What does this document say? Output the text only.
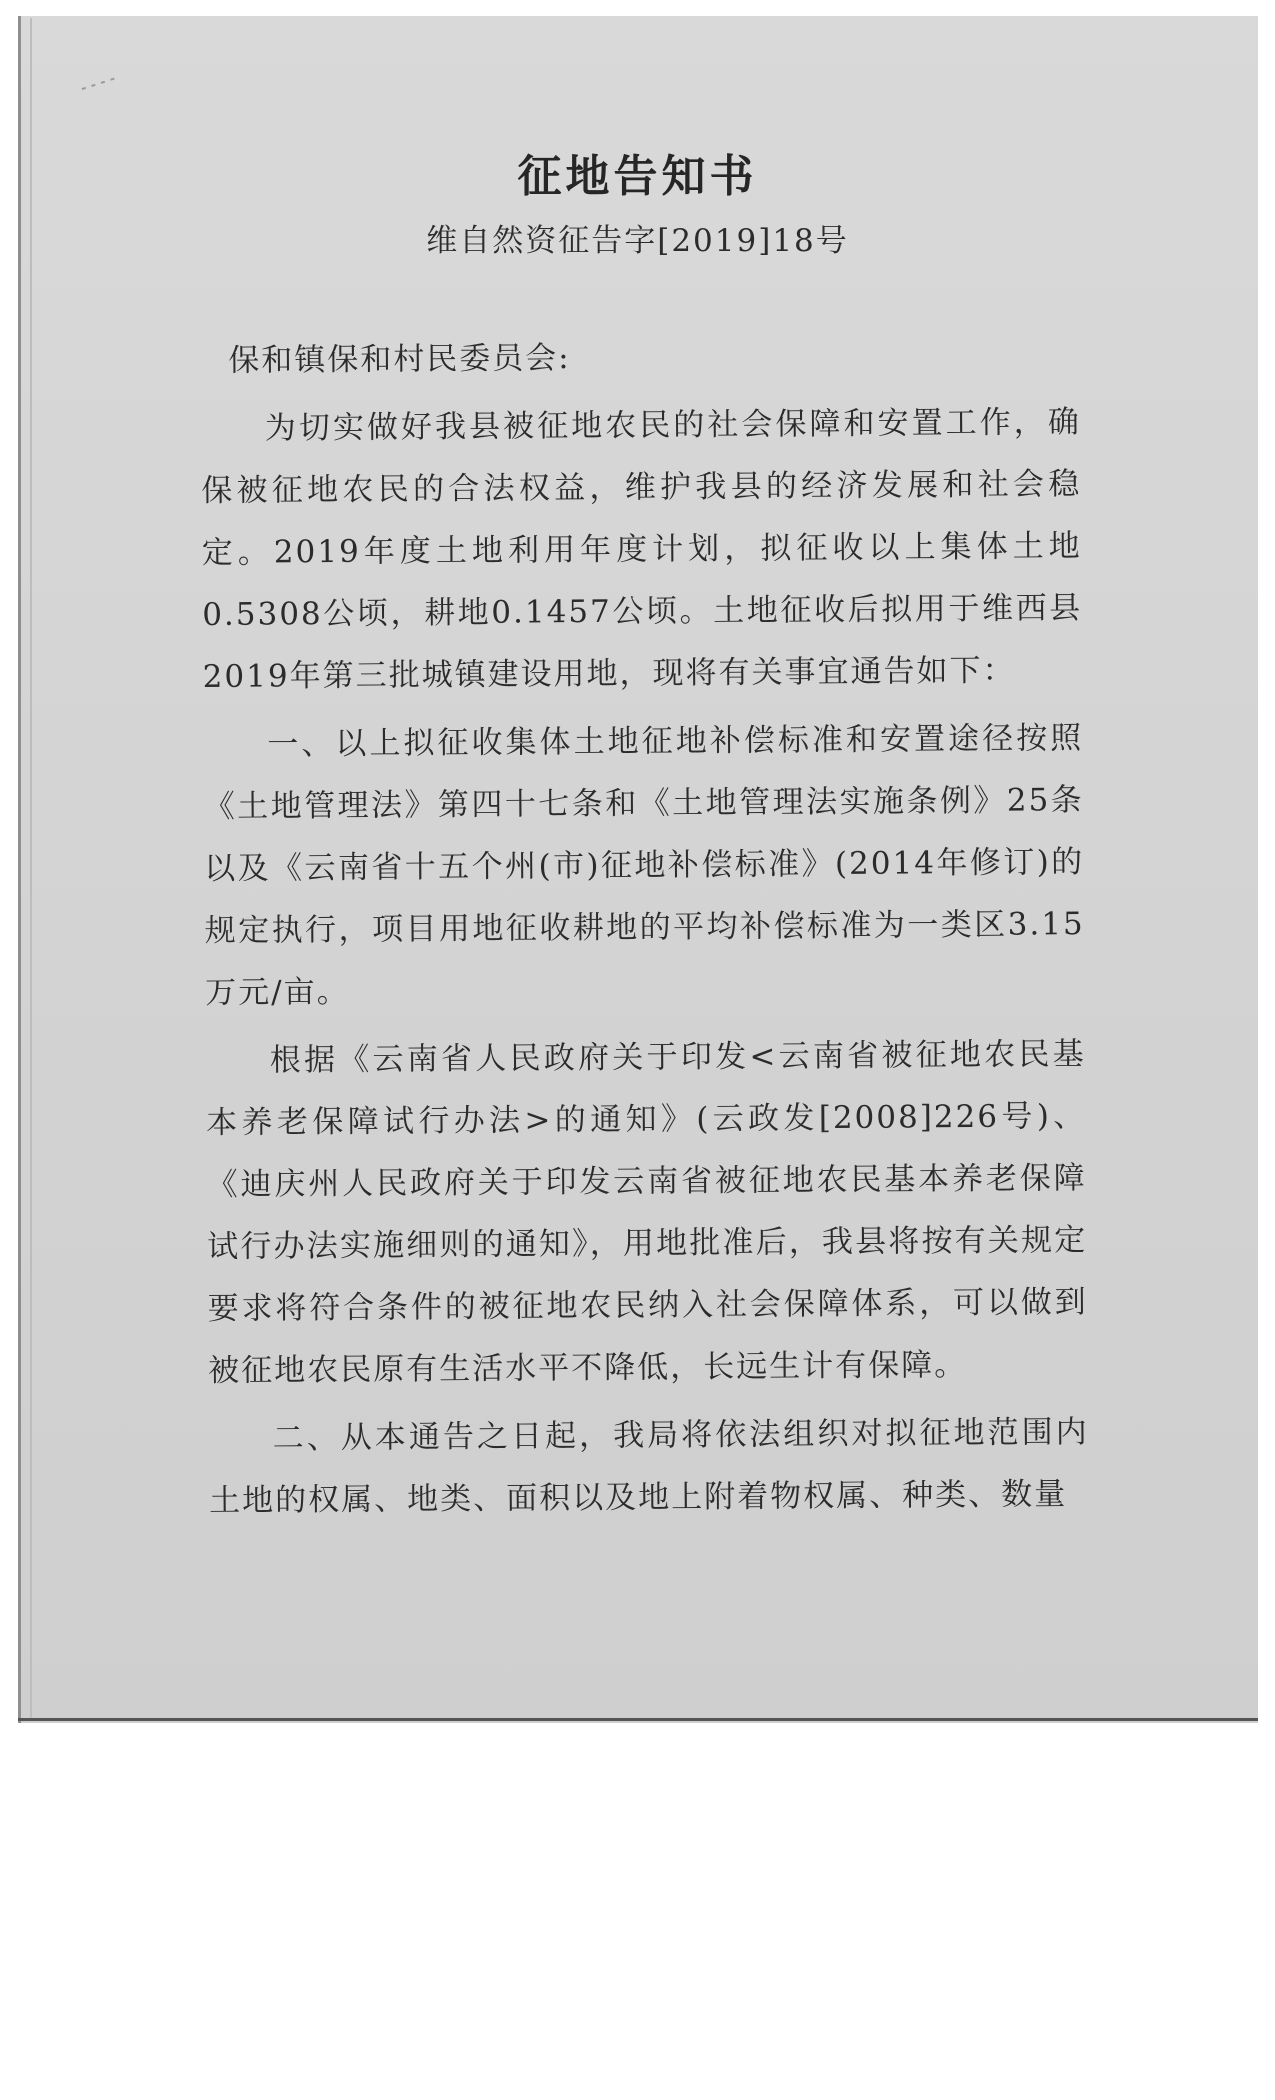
征地告知书
维自然资征告字[2019]18号

保和镇保和村民委员会:

为切实做好我县被征地农民的社会保障和安置工作，确保被征地农民的合法权益，维护我县的经济发展和社会稳定。2019年度土地利用年度计划，拟征收以上集体土地0.5308公顷，耕地0.1457公顷。土地征收后拟用于维西县2019年第三批城镇建设用地，现将有关事宜通告如下：

一、以上拟征收集体土地征地补偿标准和安置途径按照《土地管理法》第四十七条和《土地管理法实施条例》25条以及《云南省十五个州(市)征地补偿标准》(2014年修订)的规定执行，项目用地征收耕地的平均补偿标准为一类区3.15万元/亩。

根据《云南省人民政府关于印发<云南省被征地农民基本养老保障试行办法>的通知》(云政发[2008]226号)、《迪庆州人民政府关于印发云南省被征地农民基本养老保障试行办法实施细则的通知》，用地批准后，我县将按有关规定要求将符合条件的被征地农民纳入社会保障体系，可以做到被征地农民原有生活水平不降低，长远生计有保障。

二、从本通告之日起，我局将依法组织对拟征地范围内土地的权属、地类、面积以及地上附着物权属、种类、数量
